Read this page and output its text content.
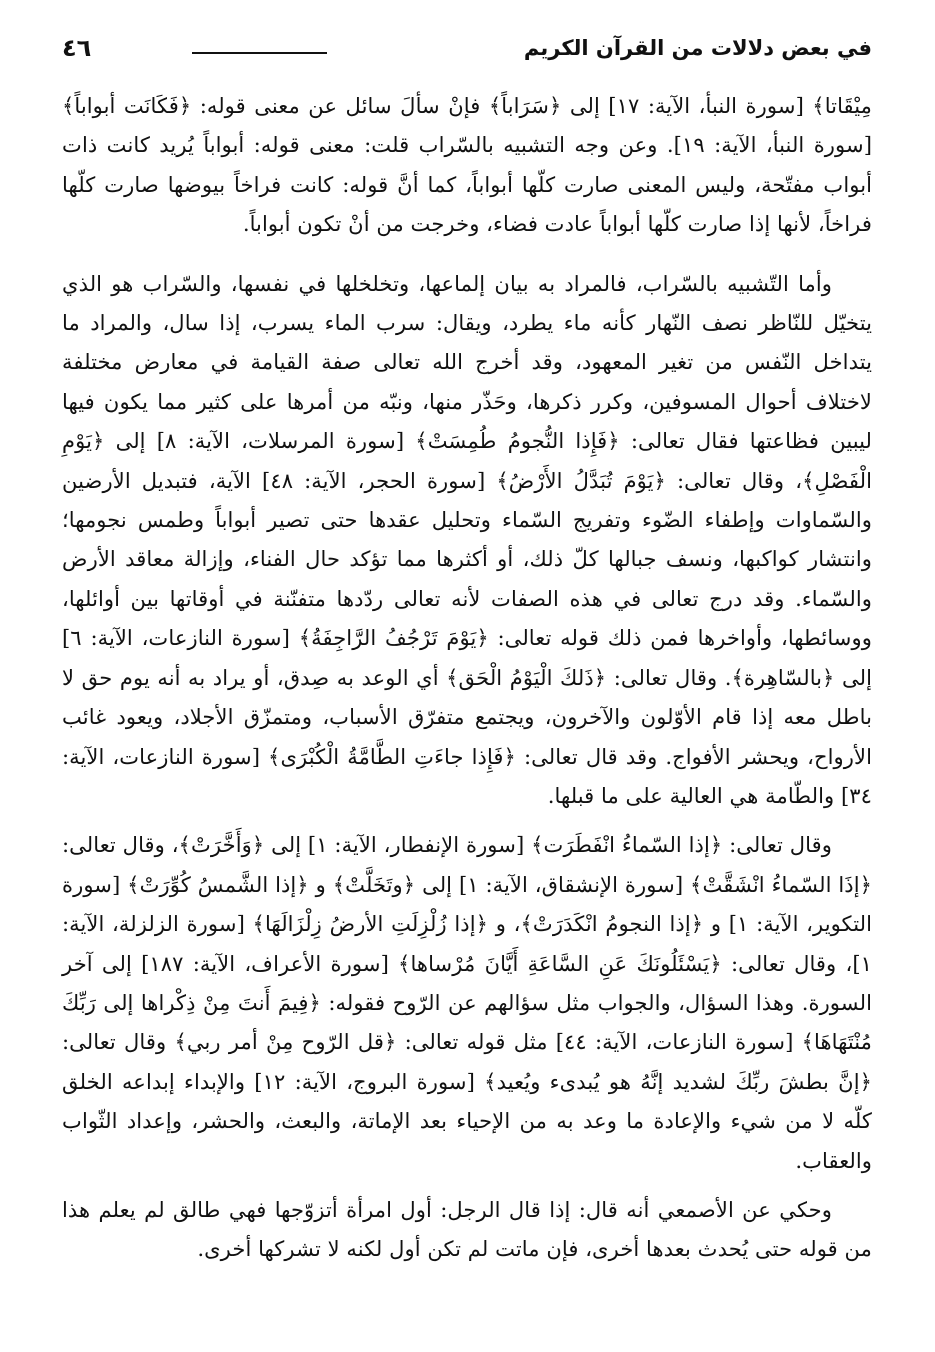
في بعض دلالات من القرآن الكريم
٤٦

مِيْقَاتا﴾ [سورة النبأ، الآية: ١٧] إلى ﴿سَرَاباً﴾ فإنْ سألَ سائل عن معنى قوله: ﴿فَكَانَت أبواباً﴾ [سورة النبأ، الآية: ١٩]. وعن وجه التشبيه بالسّراب قلت: معنى قوله: أبواباً يُريد كانت ذات أبواب مفتّحة، وليس المعنى صارت كلّها أبواباً، كما أنَّ قوله: كانت فراخاً بيوضها صارت كلّها فراخاً، لأنها إذا صارت كلّها أبواباً عادت فضاء، وخرجت من أنْ تكون أبواباً.

وأما التّشبيه بالسّراب، فالمراد به بيان إلماعها، وتخلخلها في نفسها، والسّراب هو الذي يتخيّل للنّاظر نصف النّهار كأنه ماء يطرد، ويقال: سرب الماء يسرب، إذا سال، والمراد ما يتداخل النّفس من تغير المعهود، وقد أخرج الله تعالى صفة القيامة في معارض مختلفة لاختلاف أحوال المسوفين، وكرر ذكرها، وحَذّر منها، ونبّه من أمرها على كثير مما يكون فيها ليبين فظاعتها فقال تعالى: ﴿فَإِذا النُّجومُ طُمِسَتْ﴾ [سورة المرسلات، الآية: ٨] إلى ﴿يَوْمِ الْفَصْلِ﴾، وقال تعالى: ﴿يَوْمَ تُبَدَّلُ الأَرْضُ﴾ [سورة الحجر، الآية: ٤٨] الآية، فتبديل الأرضين والسّماوات وإطفاء الضّوء وتفريج السّماء وتحليل عقدها حتى تصير أبواباً وطمس نجومها؛ وانتشار كواكبها، ونسف جبالها كلّ ذلك، أو أكثرها مما تؤكد حال الفناء، وإزالة معاقد الأرض والسّماء. وقد درج تعالى في هذه الصفات لأنه تعالى ردّدها متفنّنة في أوقاتها بين أوائلها، ووسائطها، وأواخرها فمن ذلك قوله تعالى: ﴿يَوْمَ تَرْجُفُ الرَّاجِفَةُ﴾ [سورة النازعات، الآية: ٦] إلى ﴿بالسّاهِرة﴾. وقال تعالى: ﴿ذَلكَ الْيَوْمُ الْحَق﴾ أي الوعد به صِدق، أو يراد به أنه يوم حق لا باطل معه إذا قام الأوّلون والآخرون، ويجتمع متفرّق الأسباب، ومتمزّق الأجلاد، ويعود غائب الأرواح، ويحشر الأفواج. وقد قال تعالى: ﴿فَإِذا جاءَتِ الطَّامَّةُ الْكُبْرَى﴾ [سورة النازعات، الآية: ٣٤] والطّامة هي العالية على ما قبلها.

وقال تعالى: ﴿إذا السّماءُ انْفَطَرَت﴾ [سورة الإنفطار، الآية: ١] إلى ﴿وَأَخَّرَتْ﴾، وقال تعالى: ﴿إذَا السّماءُ انْشَقَّتْ﴾ [سورة الإنشقاق، الآية: ١] إلى ﴿وتَخَلَّتْ﴾ و ﴿إذا الشَّمسُ كُوِّرَتْ﴾ [سورة التكوير، الآية: ١] و ﴿إذا النجومُ انْكَدَرَتْ﴾، و ﴿إذا زُلْزِلَتِ الأرضُ زِلْزَالَهَا﴾ [سورة الزلزلة، الآية: ١]، وقال تعالى: ﴿يَسْئَلُونَكَ عَنِ السَّاعَةِ أَيَّانَ مُرْساها﴾ [سورة الأعراف، الآية: ١٨٧] إلى آخر السورة. وهذا السؤال، والجواب مثل سؤالهم عن الرّوح فقوله: ﴿فِيمَ أَنتَ مِنْ ذِكْراها إلى رَبِّكَ مُنْتَهَاهَا﴾ [سورة النازعات، الآية: ٤٤] مثل قوله تعالى: ﴿قل الرّوح مِنْ أمر ربي﴾ وقال تعالى: ﴿إنَّ بطشَ ربِّكَ لشديد إنَّهُ هو يُبدىء ويُعيد﴾ [سورة البروج، الآية: ١٢] والإبداء إبداعه الخلق كلّه لا من شيء والإعادة ما وعد به من الإحياء بعد الإماتة، والبعث، والحشر، وإعداد الثّواب والعقاب.

وحكي عن الأصمعي أنه قال: إذا قال الرجل: أول امرأة أتزوّجها فهي طالق لم يعلم هذا من قوله حتى يُحدث بعدها أخرى، فإن ماتت لم تكن أول لكنه لا تشركها أخرى.
